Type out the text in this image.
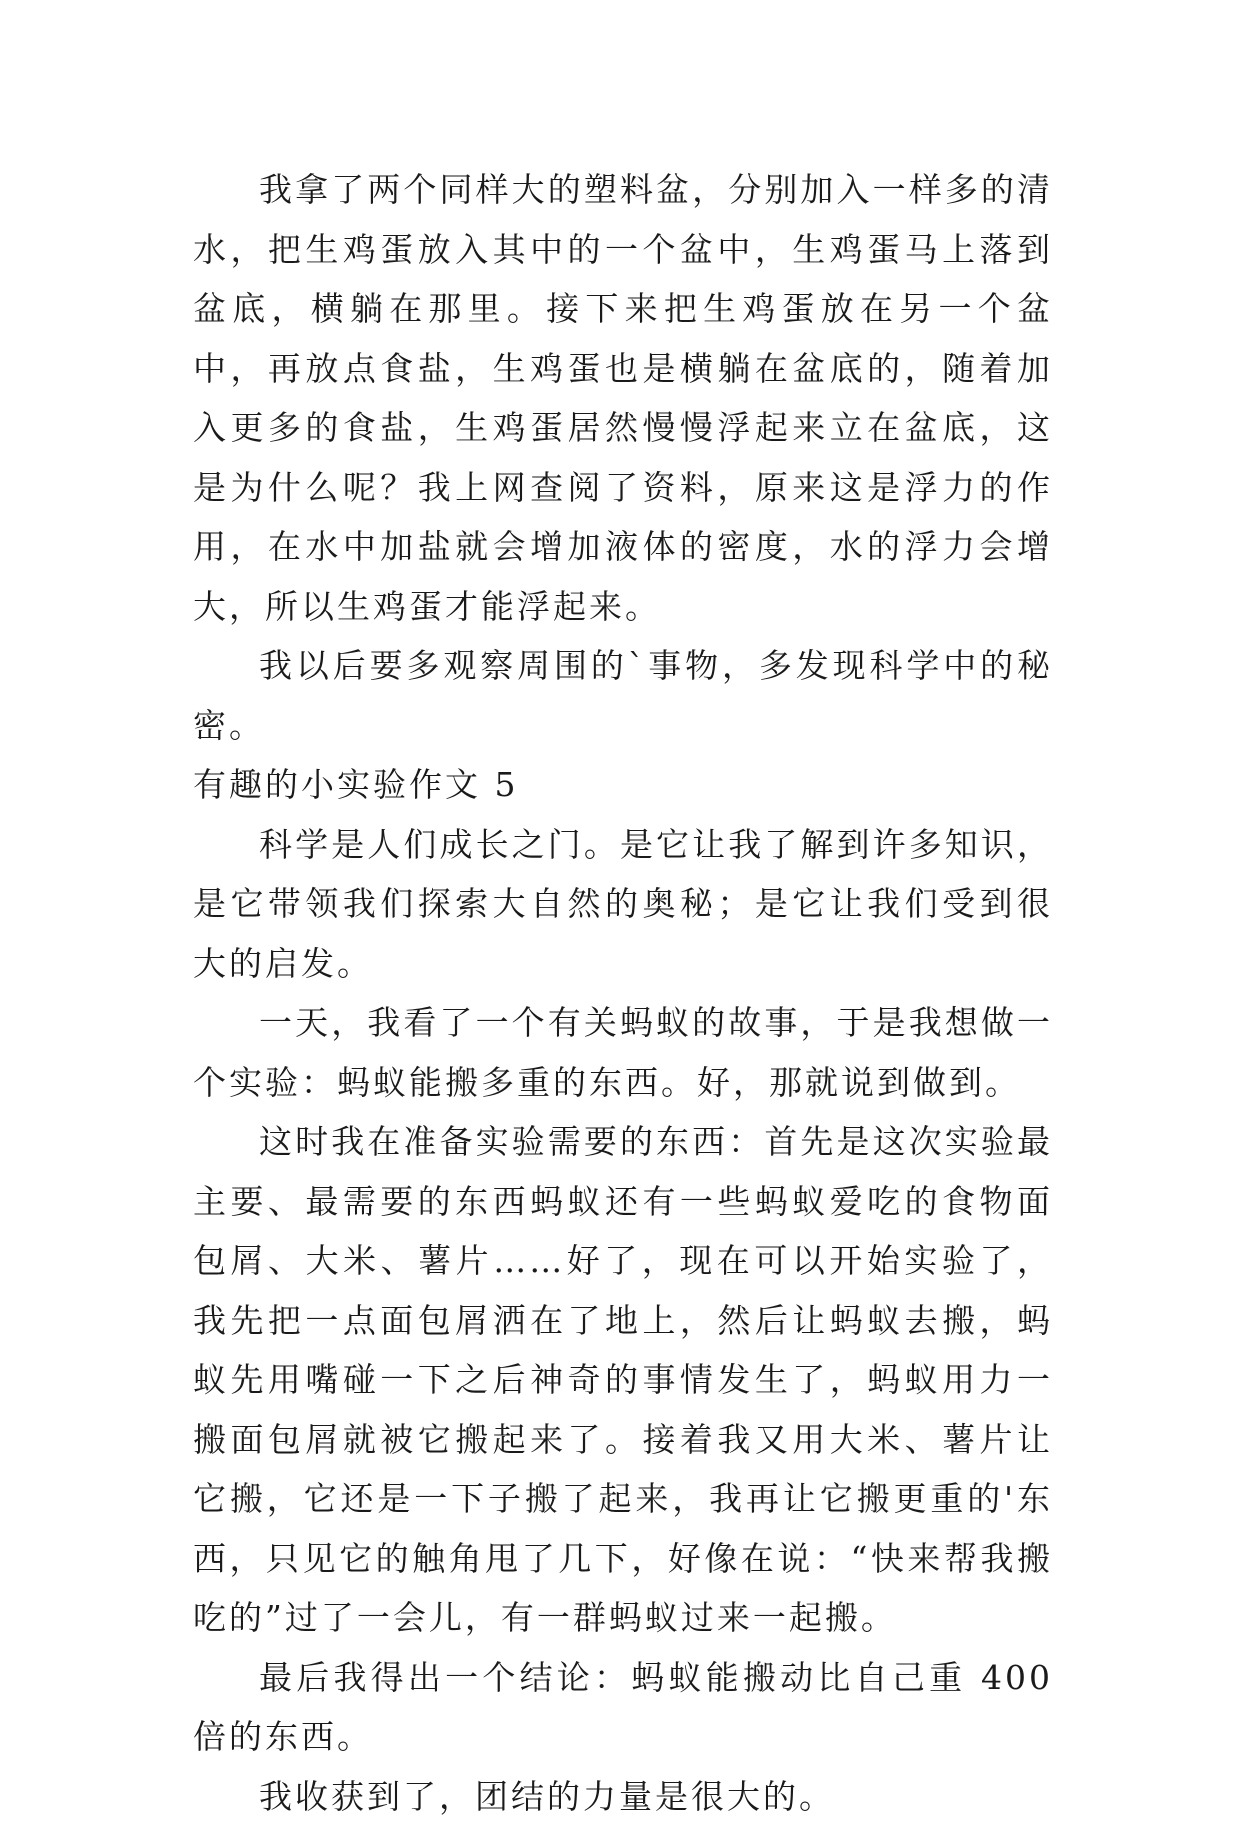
我拿了两个同样大的塑料盆，分别加入一样多的清水，把生鸡蛋放入其中的一个盆中，生鸡蛋马上落到盆底，横躺在那里。接下来把生鸡蛋放在另一个盆中，再放点食盐，生鸡蛋也是横躺在盆底的，随着加入更多的食盐，生鸡蛋居然慢慢浮起来立在盆底，这是为什么呢？我上网查阅了资料，原来这是浮力的作用，在水中加盐就会增加液体的密度，水的浮力会增大，所以生鸡蛋才能浮起来。

我以后要多观察周围的`事物，多发现科学中的秘密。

有趣的小实验作文 5

科学是人们成长之门。是它让我了解到许多知识，是它带领我们探索大自然的奥秘；是它让我们受到很大的启发。

一天，我看了一个有关蚂蚁的故事，于是我想做一个实验：蚂蚁能搬多重的东西。好，那就说到做到。

这时我在准备实验需要的东西：首先是这次实验最主要、最需要的东西蚂蚁还有一些蚂蚁爱吃的食物面包屑、大米、薯片……好了，现在可以开始实验了，我先把一点面包屑洒在了地上，然后让蚂蚁去搬，蚂蚁先用嘴碰一下之后神奇的事情发生了，蚂蚁用力一搬面包屑就被它搬起来了。接着我又用大米、薯片让它搬，它还是一下子搬了起来，我再让它搬更重的'东西，只见它的触角甩了几下，好像在说：“快来帮我搬吃的”过了一会儿，有一群蚂蚁过来一起搬。

最后我得出一个结论：蚂蚁能搬动比自己重 400 倍的东西。

我收获到了，团结的力量是很大的。
